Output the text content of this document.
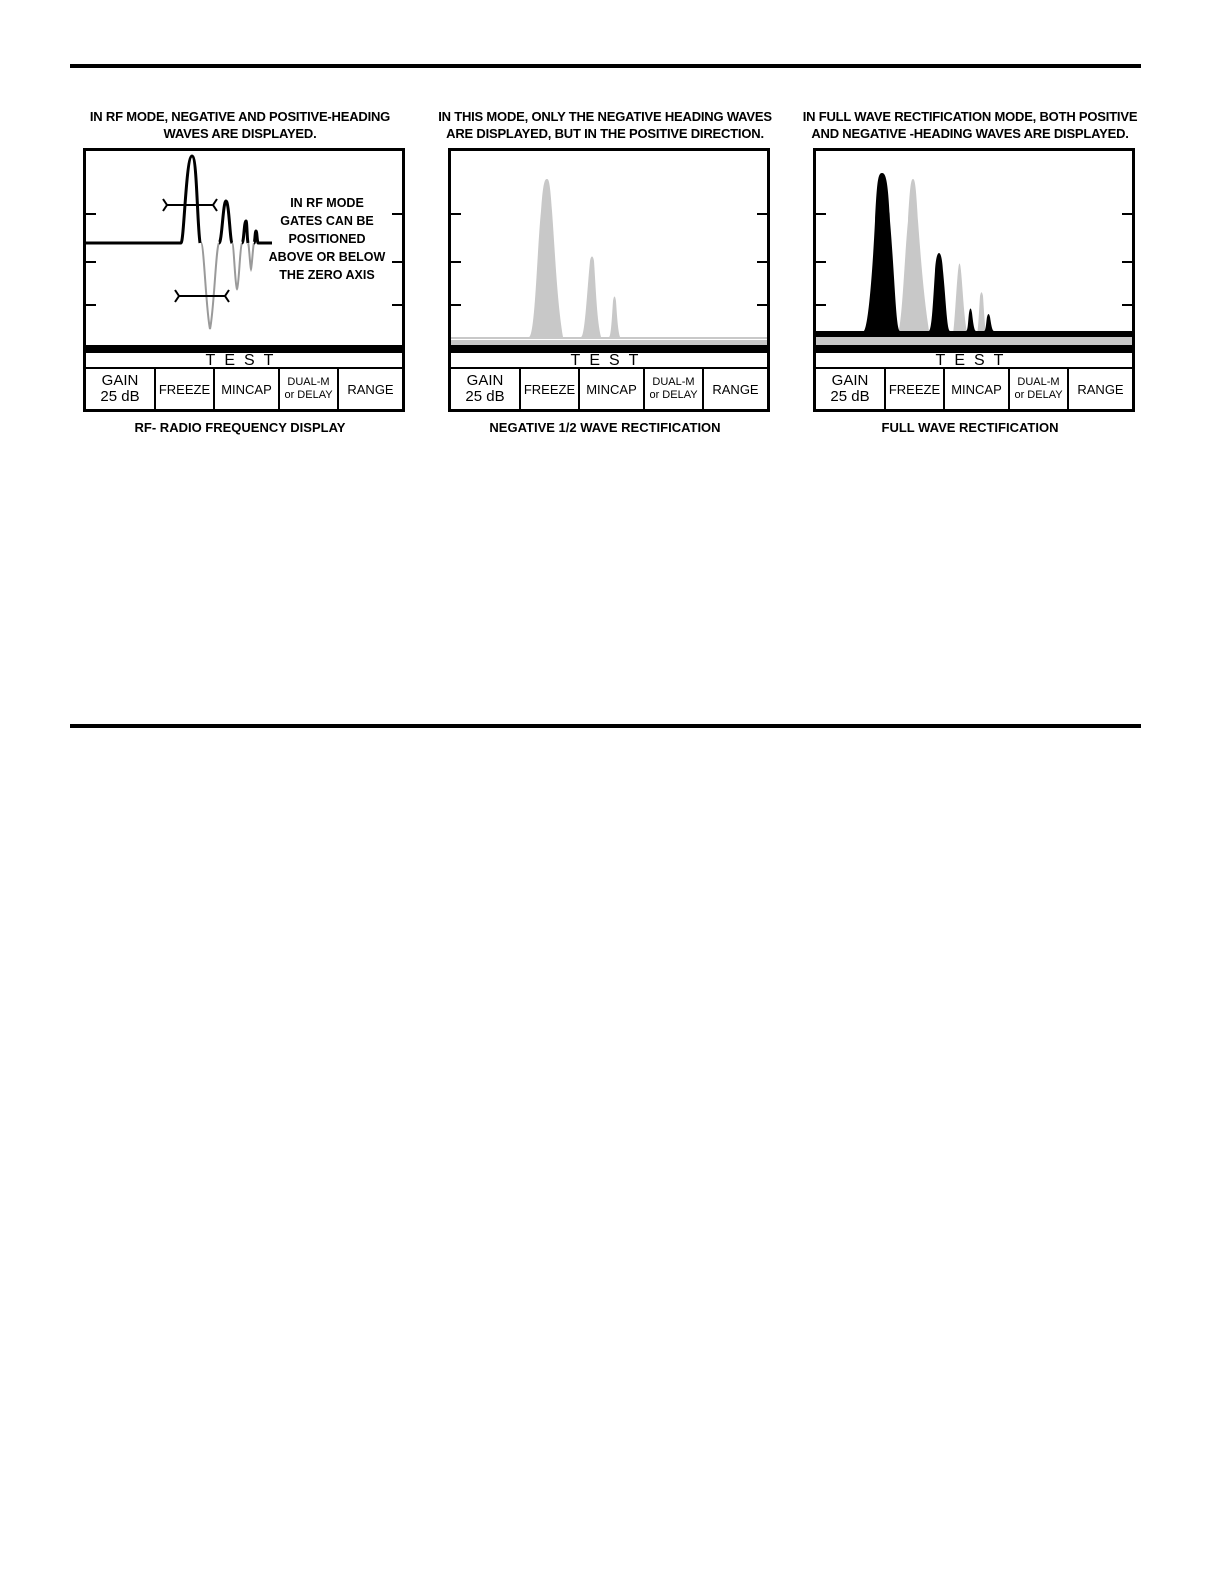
IN RF MODE, NEGATIVE AND POSITIVE-HEADING
WAVES ARE DISPLAYED.
IN RF MODE
GATES CAN BE
POSITIONED
ABOVE OR BELOW
THE ZERO AXIS
TEST
GAIN
25 dB FREEZE MINCAP DUAL-M
or DELAY RANGE
RF- RADIO FREQUENCY DISPLAY
IN THIS MODE, ONLY THE NEGATIVE HEADING WAVES
ARE DISPLAYED, BUT IN THE POSITIVE DIRECTION.
TEST
GAIN
25 dB FREEZE MINCAP DUAL-M
or DELAY RANGE
NEGATIVE 1/2 WAVE RECTIFICATION
IN FULL WAVE RECTIFICATION MODE, BOTH POSITIVE
AND NEGATIVE -HEADING WAVES ARE DISPLAYED.
TEST
GAIN
25 dB FREEZE MINCAP DUAL-M
or DELAY RANGE
FULL WAVE RECTIFICATION
